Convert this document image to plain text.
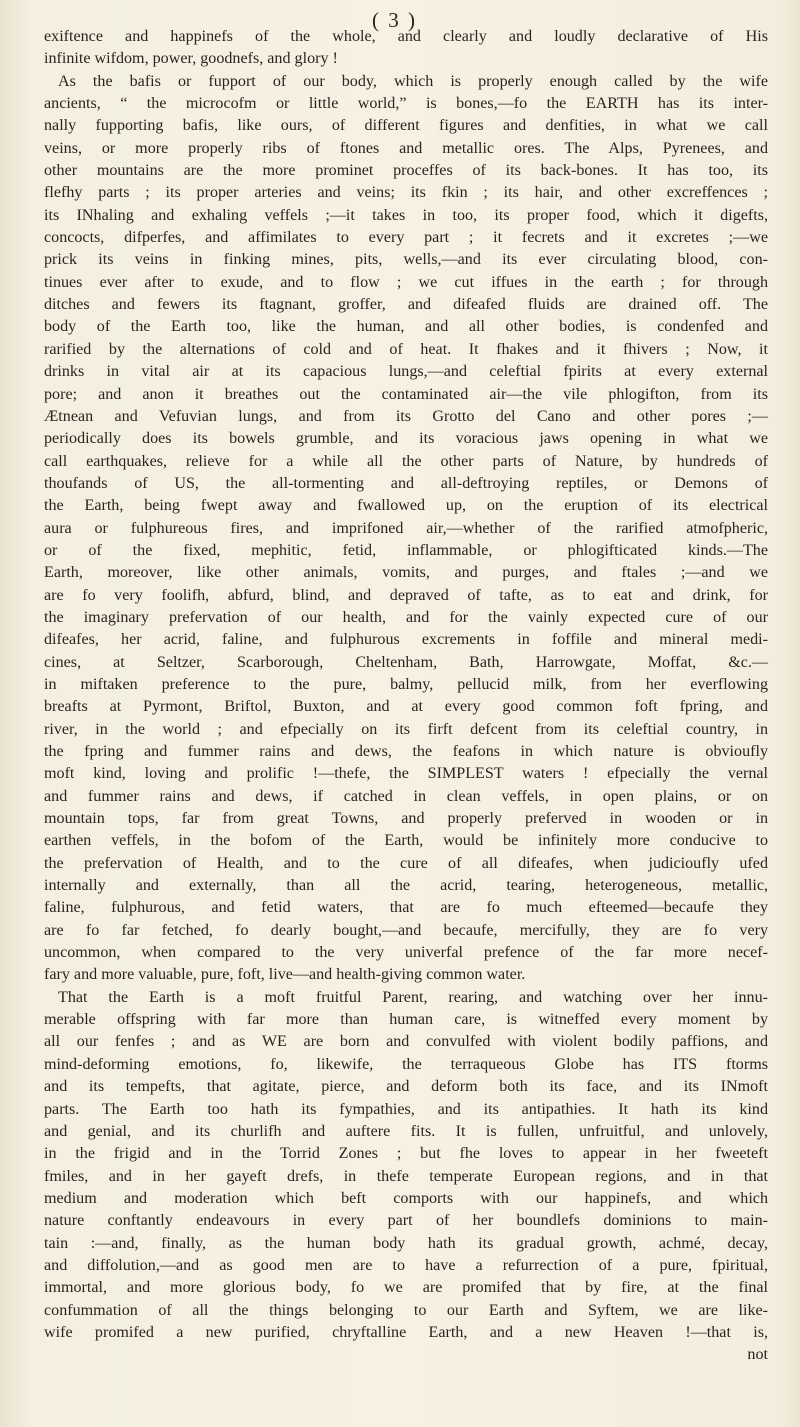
( 3 )
exiftence and happinefs of the whole, and clearly and loudly declarative of His
infinite wifdom, power, goodnefs, and glory !
As the bafis or fupport of our body, which is properly enough called by the wife
ancients, “ the microcofm or little world,” is bones,—fo the EARTH has its inter-
nally fupporting bafis, like ours, of different figures and denfities, in what we call
veins, or more properly ribs of ftones and metallic ores. The Alps, Pyrenees, and
other mountains are the more prominet proceffes of its back-bones. It has too, its
flefhy parts ; its proper arteries and veins; its fkin ; its hair, and other excreffences ;
its INhaling and exhaling veffels ;—it takes in too, its proper food, which it digefts,
concocts, difperfes, and affimilates to every part ; it fecrets and it excretes ;—we
prick its veins in finking mines, pits, wells,—and its ever circulating blood, con-
tinues ever after to exude, and to flow ; we cut iffues in the earth ; for through
ditches and fewers its ftagnant, groffer, and difeafed fluids are drained off. The
body of the Earth too, like the human, and all other bodies, is condenfed and
rarified by the alternations of cold and of heat. It fhakes and it fhivers ; Now, it
drinks in vital air at its capacious lungs,—and celeftial fpirits at every external
pore; and anon it breathes out the contaminated air—the vile phlogifton, from its
Ætnean and Vefuvian lungs, and from its Grotto del Cano and other pores ;—
periodically does its bowels grumble, and its voracious jaws opening in what we
call earthquakes, relieve for a while all the other parts of Nature, by hundreds of
thoufands of US, the all-tormenting and all-deftroying reptiles, or Demons of
the Earth, being fwept away and fwallowed up, on the eruption of its electrical
aura or fulphureous fires, and imprifoned air,—whether of the rarified atmofpheric,
or of the fixed, mephitic, fetid, inflammable, or phlogifticated kinds.—The
Earth, moreover, like other animals, vomits, and purges, and ftales ;—and we
are fo very foolifh, abfurd, blind, and depraved of tafte, as to eat and drink, for
the imaginary prefervation of our health, and for the vainly expected cure of our
difeafes, her acrid, faline, and fulphurous excrements in foffile and mineral medi-
cines, at Seltzer, Scarborough, Cheltenham, Bath, Harrowgate, Moffat, &c.—
in miftaken preference to the pure, balmy, pellucid milk, from her everflowing
breafts at Pyrmont, Briftol, Buxton, and at every good common foft fpring, and
river, in the world ; and efpecially on its firft defcent from its celeftial country, in
the fpring and fummer rains and dews, the feafons in which nature is obvioufly
moft kind, loving and prolific !—thefe, the SIMPLEST waters ! efpecially the vernal
and fummer rains and dews, if catched in clean veffels, in open plains, or on
mountain tops, far from great Towns, and properly preferved in wooden or in
earthen veffels, in the bofom of the Earth, would be infinitely more conducive to
the prefervation of Health, and to the cure of all difeafes, when judicioufly ufed
internally and externally, than all the acrid, tearing, heterogeneous, metallic,
faline, fulphurous, and fetid waters, that are fo much efteemed—becaufe they
are fo far fetched, fo dearly bought,—and becaufe, mercifully, they are fo very
uncommon, when compared to the very univerfal prefence of the far more necef-
fary and more valuable, pure, foft, live—and health-giving common water.
That the Earth is a moft fruitful Parent, rearing, and watching over her innu-
merable offspring with far more than human care, is witneffed every moment by
all our fenfes ; and as WE are born and convulfed with violent bodily paffions, and
mind-deforming emotions, fo, likewife, the terraqueous Globe has ITS ftorms
and its tempefts, that agitate, pierce, and deform both its face, and its INmoft
parts. The Earth too hath its fympathies, and its antipathies. It hath its kind
and genial, and its churlifh and auftere fits. It is fullen, unfruitful, and unlovely,
in the frigid and in the Torrid Zones ; but fhe loves to appear in her fweeteft
fmiles, and in her gayeft drefs, in thefe temperate European regions, and in that
medium and moderation which beft comports with our happinefs, and which
nature conftantly endeavours in every part of her boundlefs dominions to main-
tain :—and, finally, as the human body hath its gradual growth, achmé, decay,
and diffolution,—and as good men are to have a refurrection of a pure, fpiritual,
immortal, and more glorious body, fo we are promifed that by fire, at the final
confummation of all the things belonging to our Earth and Syftem, we are like-
wife promifed a new purified, chryftalline Earth, and a new Heaven !—that is,
not
